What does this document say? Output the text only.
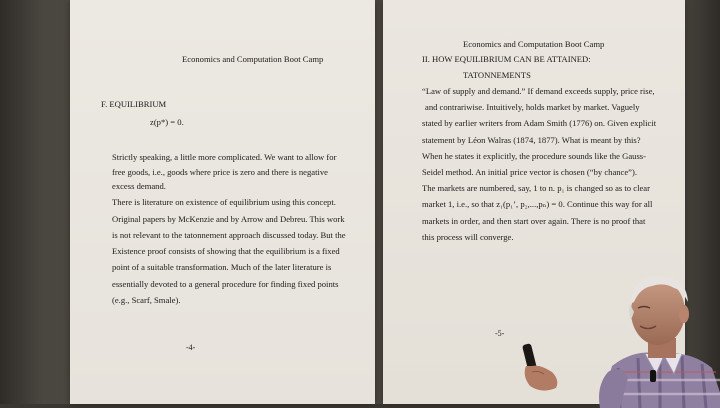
Economics and Computation Boot Camp
F. EQUILIBRIUM
z(p*) = 0.
Strictly speaking, a little more complicated. We want to allow for
free goods, i.e., goods where price is zero and there is negative
excess demand.
There is literature on existence of equilibrium using this concept.
Original papers by McKenzie and by Arrow and Debreu. This work
is not relevant to the tatonnement approach discussed today. But the
Existence proof consists of showing that the equilibrium is a fixed
point of a suitable transformation. Much of the later literature is
essentially devoted to a general procedure for finding fixed points
(e.g., Scarf, Smale).
-4-
Economics and Computation Boot Camp
II. HOW EQUILIBRIUM CAN BE ATTAINED:
TATONNEMENTS
“Law of supply and demand.” If demand exceeds supply, price rise,
and contrariwise. Intuitively, holds market by market. Vaguely
stated by earlier writers from Adam Smith (1776) on. Given explicit
statement by Léon Walras (1874, 1877). What is meant by this?
When he states it explicitly, the procedure sounds like the Gauss-
Seidel method. An initial price vector is chosen (“by chance”).
The markets are numbered, say, 1 to n. p₁ is changed so as to clear
market 1, i.e., so that z₁(p₁’, p₂,...,pₙ) = 0. Continue this way for all
markets in order, and then start over again. There is no proof that
this process will converge.
-5-
